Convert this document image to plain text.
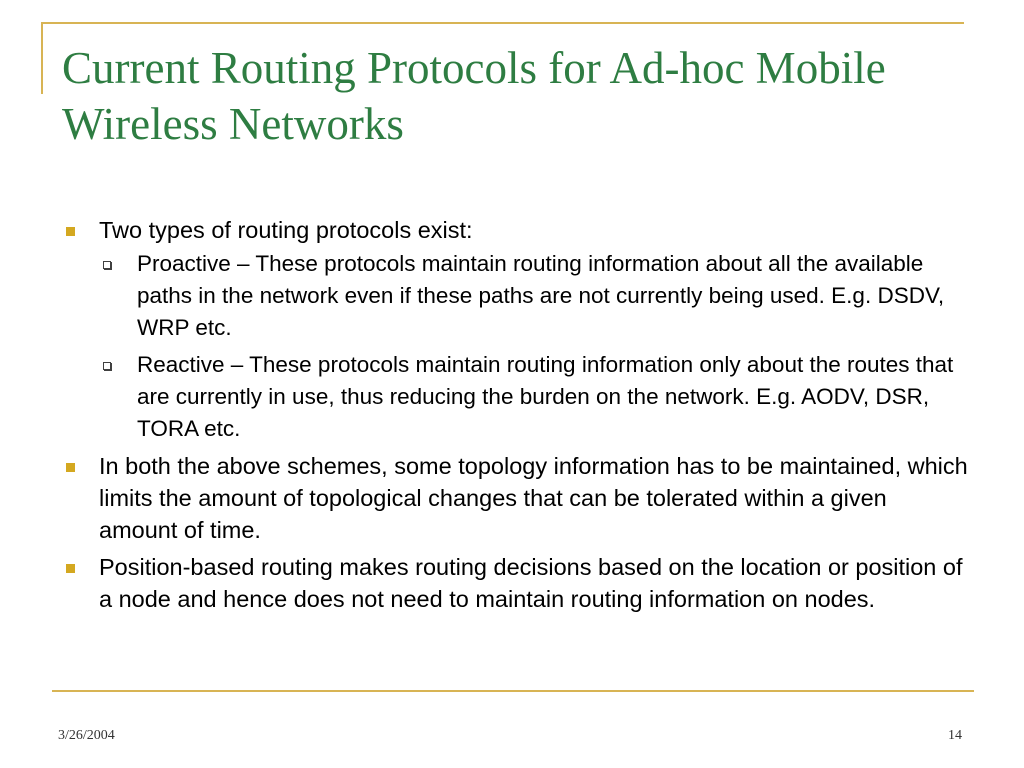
Current Routing Protocols for Ad-hoc Mobile Wireless Networks
Two types of routing protocols exist:
Proactive – These protocols maintain routing information about all the available paths in the network even if these paths are not currently being used. E.g. DSDV, WRP etc.
Reactive – These protocols maintain routing information only about the routes that are currently in use, thus reducing the burden on the network. E.g. AODV, DSR, TORA etc.
In both the above schemes, some topology information has to be maintained, which limits the amount of topological changes that can be tolerated within a given amount of time.
Position-based routing makes routing decisions based on the location or position of a node and hence does not need to maintain routing information on nodes.
3/26/2004	14
